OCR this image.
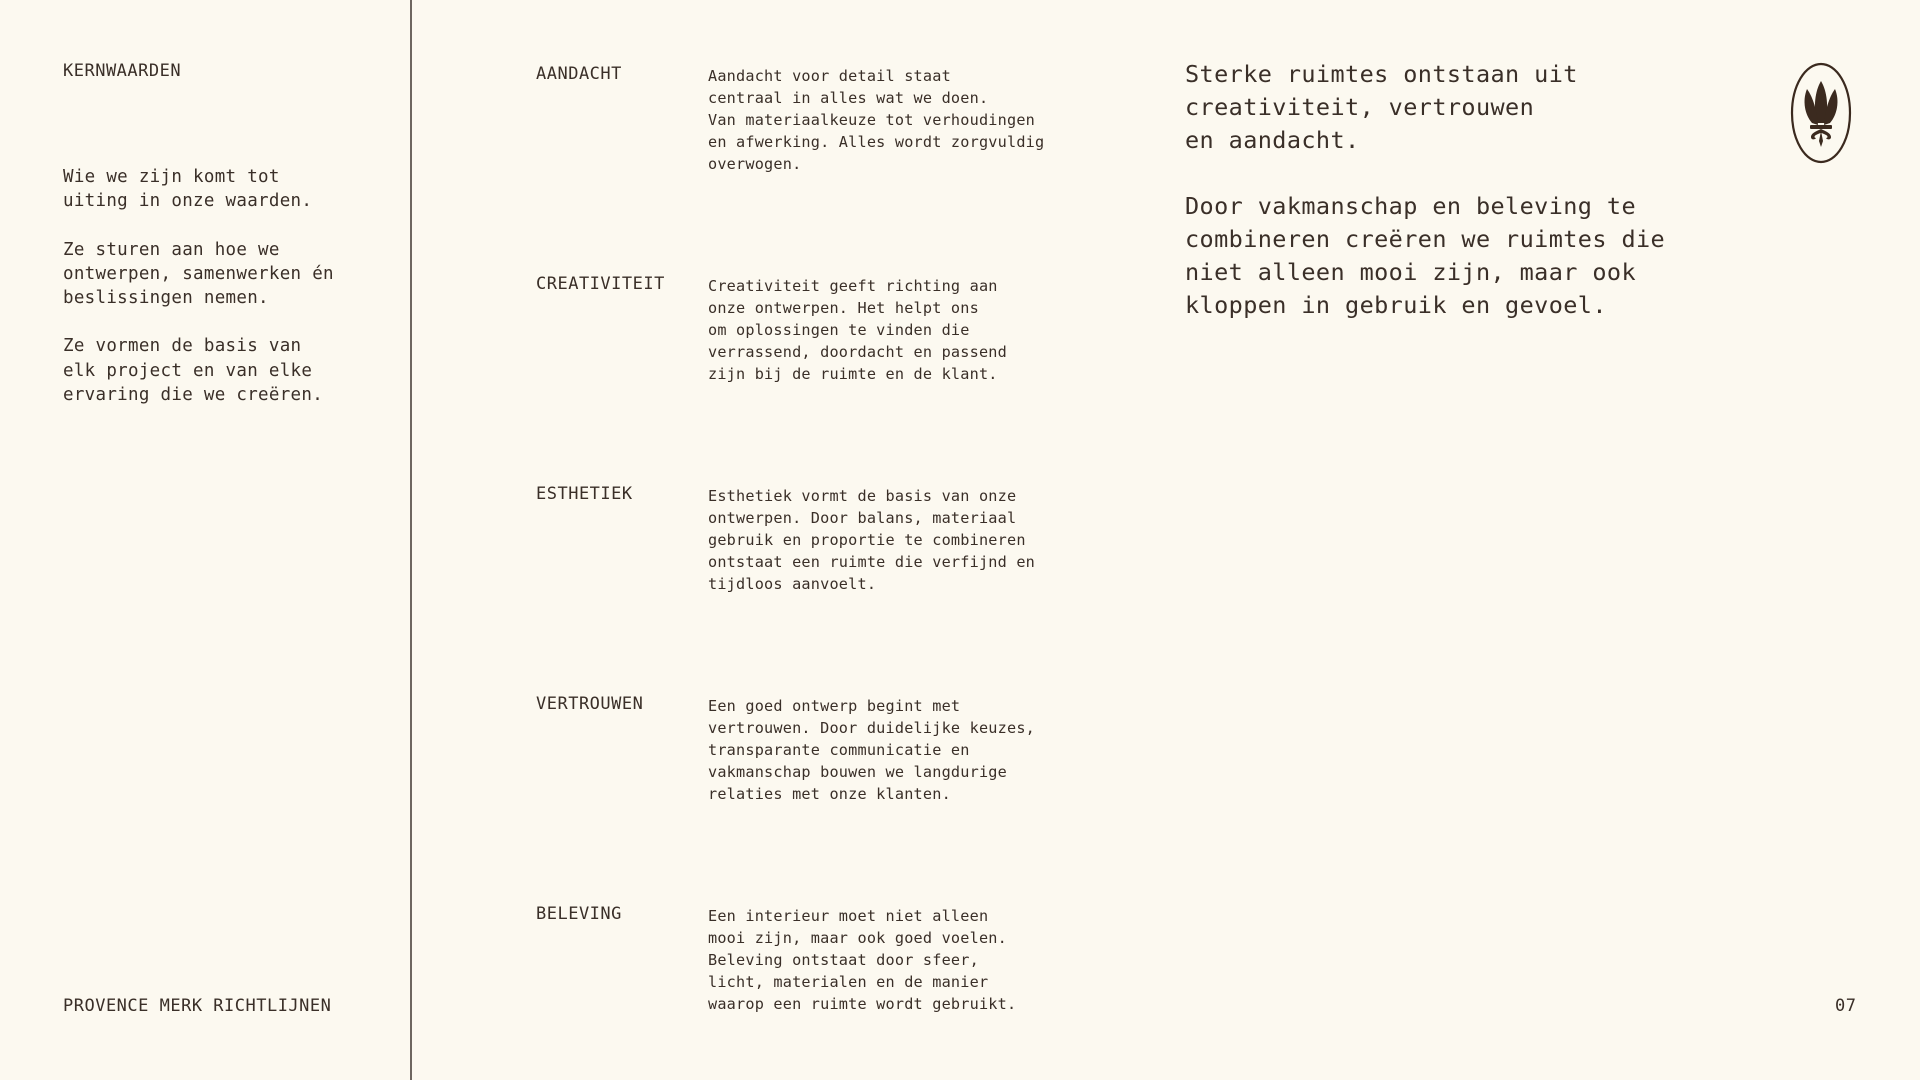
KERNWAARDEN

Wie we zijn komt tot
uiting in onze waarden.

Ze sturen aan hoe we
ontwerpen, samenwerken én
beslissingen nemen.

Ze vormen de basis van
elk project en van elke
ervaring die we creëren.

PROVENCE MERK RICHTLIJNEN
AANDACHT	Aandacht voor detail staat
centraal in alles wat we doen.
Van materiaalkeuze tot verhoudingen
en afwerking. Alles wordt zorgvuldig
overwogen.

CREATIVITEIT	Creativiteit geeft richting aan
onze ontwerpen. Het helpt ons
om oplossingen te vinden die
verrassend, doordacht en passend
zijn bij de ruimte en de klant.

ESTHETIEK	Esthetiek vormt de basis van onze
ontwerpen. Door balans, materiaal
gebruik en proportie te combineren
ontstaat een ruimte die verfijnd en
tijdloos aanvoelt.

VERTROUWEN	Een goed ontwerp begint met
vertrouwen. Door duidelijke keuzes,
transparante communicatie en
vakmanschap bouwen we langdurige
relaties met onze klanten.

BELEVING	Een interieur moet niet alleen
mooi zijn, maar ook goed voelen.
Beleving ontstaat door sfeer,
licht, materialen en de manier
waarop een ruimte wordt gebruikt.

Sterke ruimtes ontstaan uit
creativiteit, vertrouwen
en aandacht.

Door vakmanschap en beleving te
combineren creëren we ruimtes die
niet alleen mooi zijn, maar ook
kloppen in gebruik en gevoel.

07
